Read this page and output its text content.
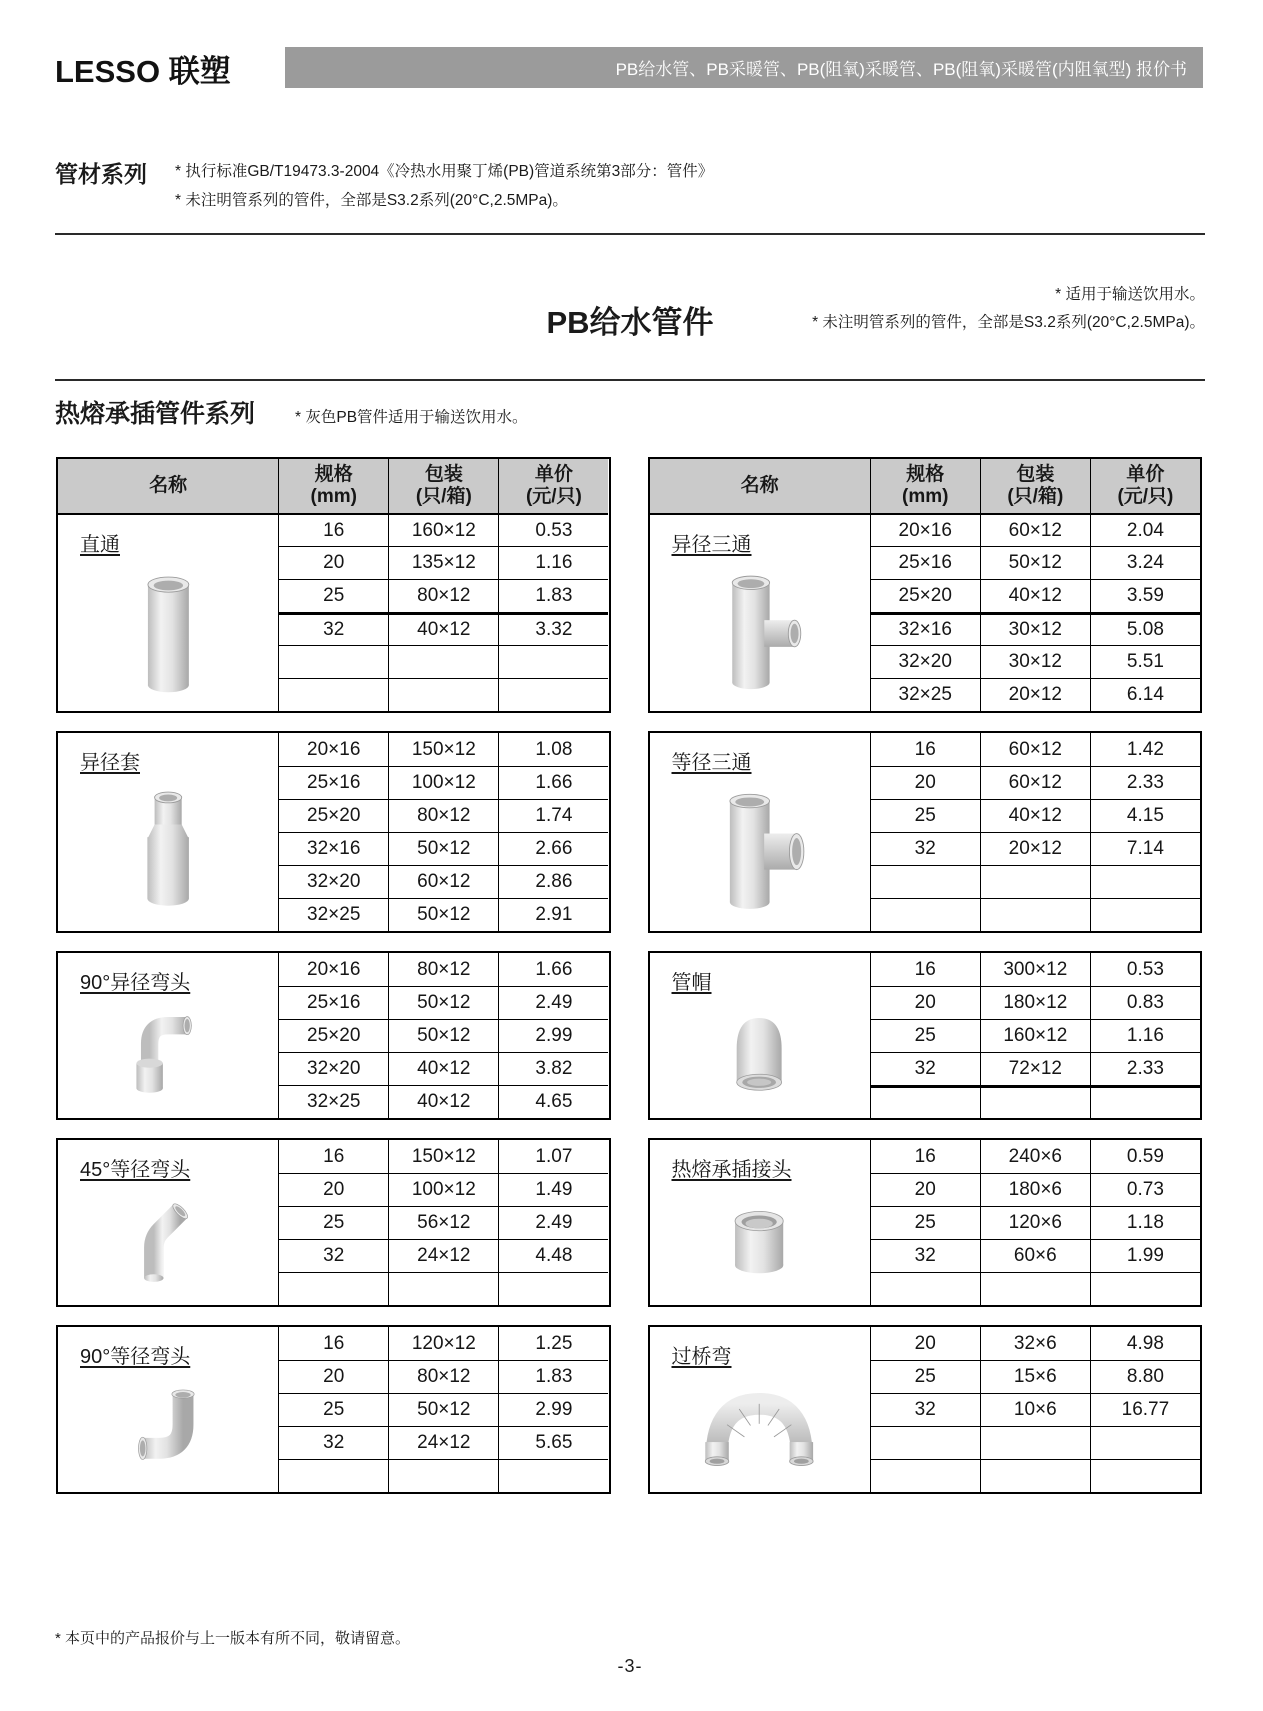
LESSO 联塑	PB给水管、PB采暖管、PB(阻氧)采暖管、PB(阻氧)采暖管(内阻氧型) 报价书
管材系列 * 执行标准GB/T19473.3-2004《冷热水用聚丁烯(PB)管道系统第3部分：管件》
* 未注明管系列的管件，全部是S3.2系列(20°C,2.5MPa)。
PB给水管件
* 适用于输送饮用水。
* 未注明管系列的管件，全部是S3.2系列(20°C,2.5MPa)。
热熔承插管件系列	* 灰色PB管件适用于输送饮用水。
名称
规格
(mm)
包装
(只/箱)
单价
(元/只)
直通
16	160×12	0.53
20	135×12	1.16
25	80×12	1.83
32	40×12	3.32
异径套
20×16	150×12	1.08
25×16	100×12	1.66
25×20	80×12	1.74
32×16	50×12	2.66
32×20	60×12	2.86
32×25	50×12	2.91
90°异径弯头
20×16	80×12	1.66
25×16	50×12	2.49
25×20	50×12	2.99
32×20	40×12	3.82
32×25	40×12	4.65
45°等径弯头
16	150×12	1.07
20	100×12	1.49
25	56×12	2.49
32	24×12	4.48
90°等径弯头
16	120×12	1.25
20	80×12	1.83
25	50×12	2.99
32	24×12	5.65
名称
规格
(mm)
包装
(只/箱)
单价
(元/只)
异径三通
20×16	60×12	2.04
25×16	50×12	3.24
25×20	40×12	3.59
32×16	30×12	5.08
32×20	30×12	5.51
32×25	20×12	6.14
等径三通
16	60×12	1.42
20	60×12	2.33
25	40×12	4.15
32	20×12	7.14
管帽
16	300×12	0.53
20	180×12	0.83
25	160×12	1.16
32	72×12	2.33
热熔承插接头
16	240×6	0.59
20	180×6	0.73
25	120×6	1.18
32	60×6	1.99
过桥弯
20	32×6	4.98
25	15×6	8.80
32	10×6	16.77
* 本页中的产品报价与上一版本有所不同，敬请留意。
-3-
